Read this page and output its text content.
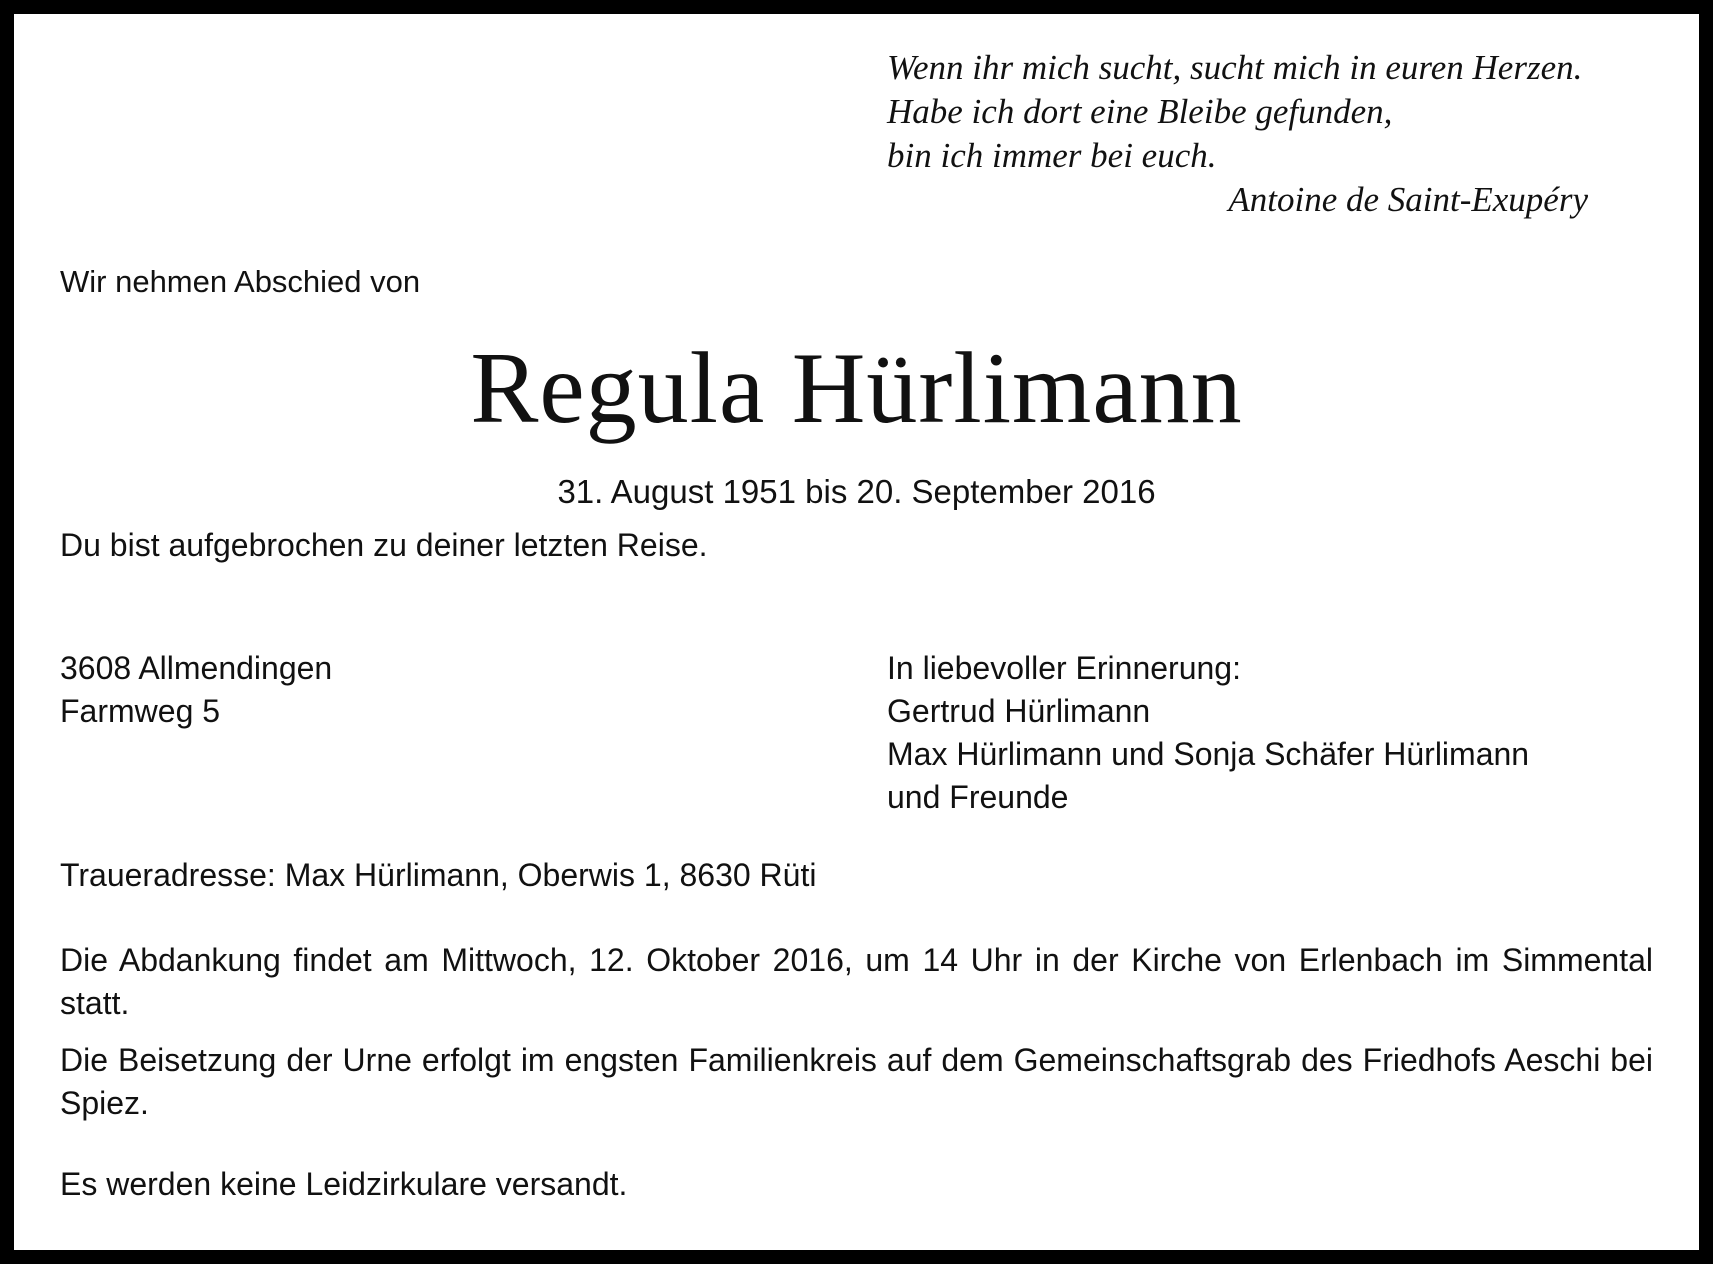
Wenn ihr mich sucht, sucht mich in euren Herzen.
Habe ich dort eine Bleibe gefunden,
bin ich immer bei euch.
Antoine de Saint-Exupéry
Wir nehmen Abschied von
Regula Hürlimann
31. August 1951 bis 20. September 2016
Du bist aufgebrochen zu deiner letzten Reise.
3608 Allmendingen
Farmweg 5
In liebevoller Erinnerung:
Gertrud Hürlimann
Max Hürlimann und Sonja Schäfer Hürlimann
und Freunde
Traueradresse: Max Hürlimann, Oberwis 1, 8630 Rüti
Die Abdankung findet am Mittwoch, 12. Oktober 2016, um 14 Uhr in der Kirche von Erlenbach im Simmental statt.
Die Beisetzung der Urne erfolgt im engsten Familienkreis auf dem Gemeinschaftsgrab des Friedhofs Aeschi bei Spiez.
Es werden keine Leidzirkulare versandt.
